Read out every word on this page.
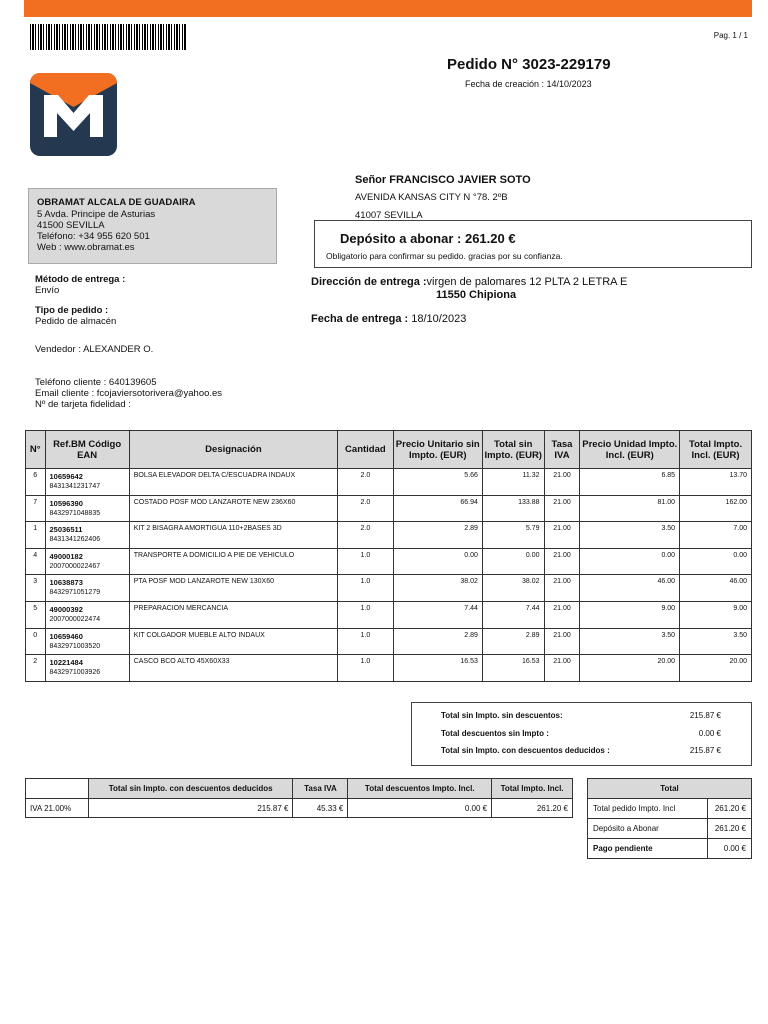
Pag. 1 / 1
Pedido N° 3023-229179
Fecha de creación : 14/10/2023
OBRAMAT ALCALA DE GUADAIRA
5 Avda. Principe de Asturias
41500 SEVILLA
Teléfono: +34 955 620 501
Web : www.obramat.es
Señor FRANCISCO JAVIER SOTO
AVENIDA KANSAS CITY N °78. 2ºB
41007 SEVILLA
Depósito a abonar : 261.20 €
Obligatorio para confirmar su pedido. gracias por su confianza.
Método de entrega :
Envío
Tipo de pedido :
Pedido de almacén
Vendedor : ALEXANDER O.
Teléfono cliente : 640139605
Email cliente : fcojaviersotorivera@yahoo.es
Nº de tarjeta fidelidad :
Dirección de entrega :virgen de palomares 12 PLTA 2 LETRA E
11550 Chipiona
Fecha de entrega : 18/10/2023
N°	Ref.BM Código EAN	Designación	Cantidad	Precio Unitario sin Impto. (EUR)	Total sin Impto. (EUR)	Tasa IVA	Precio Unidad Impto. Incl. (EUR)	Total Impto. Incl. (EUR)
6	10659642
8431341231747	BOLSA ELEVADOR DELTA C/ESCUADRA INDAUX	2.0	5.66	11.32	21.00	6.85	13.70
7	10596390
8432971048835	COSTADO POSF MOD LANZAROTE NEW 236X60	2.0	66.94	133.88	21.00	81.00	162.00
1	25036511
8431341262406	KIT 2 BISAGRA AMORTIGUA 110+2BASES 3D	2.0	2.89	5.79	21.00	3.50	7.00
4	49000182
2007000022467	TRANSPORTE A DOMICILIO A PIE DE VEHICULO	1.0	0.00	0.00	21.00	0.00	0.00
3	10638873
8432971051279	PTA POSF MOD LANZAROTE NEW 130X60	1.0	38.02	38.02	21.00	46.00	46.00
5	49000392
2007000022474	PREPARACION MERCANCIA	1.0	7.44	7.44	21.00	9.00	9.00
0	10659460
8432971003520	KIT COLGADOR MUEBLE ALTO INDAUX	1.0	2.89	2.89	21.00	3.50	3.50
2	10221484
8432971003926	CASCO BCO ALTO 45X60X33	1.0	16.53	16.53	21.00	20.00	20.00
Total sin Impto. sin descuentos:	215.87 €
Total descuentos sin Impto :	0.00 €
Total sin Impto. con descuentos deducidos :	215.87 €
	Total sin Impto. con descuentos deducidos	Tasa IVA	Total descuentos Impto. Incl.	Total Impto. Incl.
IVA 21.00%	215.87 €	45.33 €	0.00 €	261.20 €
Total	
Total pedido Impto. Incl	261.20 €
Depósito a Abonar	261.20 €
Pago pendiente	0.00 €
